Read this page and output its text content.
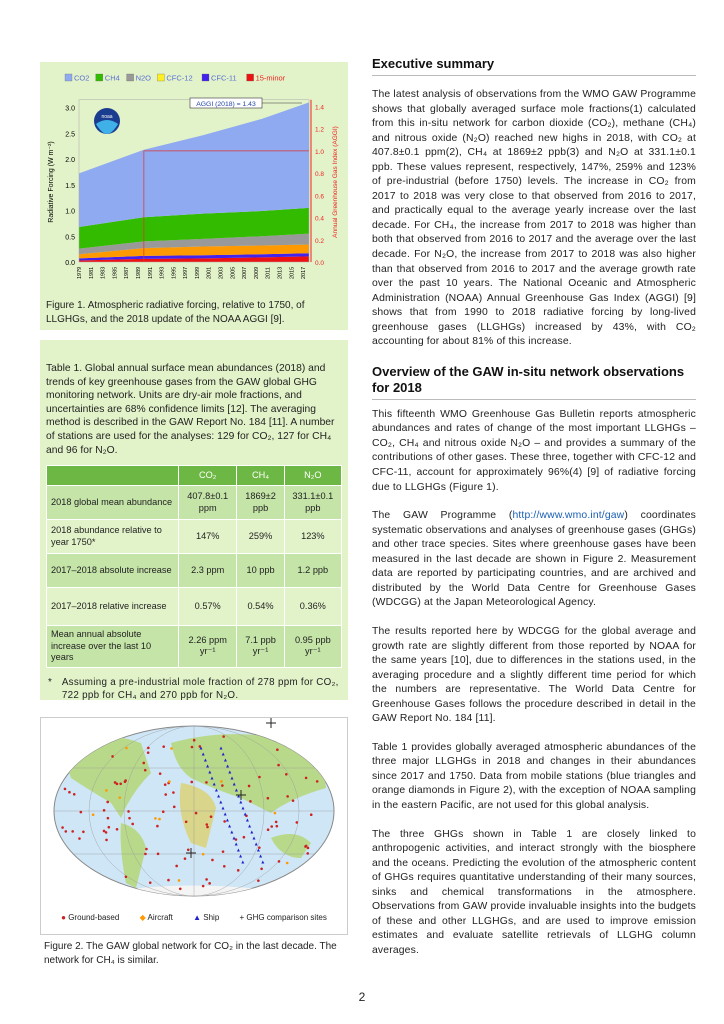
0.0
0.5
1.0
1.5
2.0
2.5
3.0
0.0
0.2
0.4
0.6
0.8
1.0
1.2
1.4
1979 1981 1983 1985 1987 1989 1991 1993 1995 1997 1999 2001 2003 2005 2007 2009 2011 2013 2015 2017
Radiative Forcing (W m⁻²)	Annual Greenhouse Gas Index (AGGI)
AGGI (2018) = 1.43
noaa
CO2 CH4 N2O CFC-12 CFC-11	15-minor
Figure 1. Atmospheric radiative forcing, relative to 1750, of LLGHGs, and the 2018 update of the NOAA AGGI [9].
Table 1. Global annual surface mean abundances (2018) and trends of key greenhouse gases from the GAW global GHG monitoring network. Units are dry-air mole fractions, and uncertainties are 68% confidence limits [12]. The averaging method is described in the GAW Report No. 184 [11]. A number of stations are used for the analyses: 129 for CO₂, 127 for CH₄ and 96 for N₂O.
	CO₂	CH₄	N₂O
2018 global mean abundance	407.8±0.1 ppm	1869±2 ppb	331.1±0.1 ppb
2018 abundance relative to year 1750*	147%	259%	123%
2017–2018 absolute increase	2.3 ppm	10 ppb	1.2 ppb
2017–2018 relative increase	0.57%	0.54%	0.36%
Mean annual absolute increase over the last 10 years	2.26 ppm yr⁻¹	7.1 ppb yr⁻¹	0.95 ppb yr⁻¹
* Assuming a pre-industrial mole fraction of 278 ppm for CO₂, 722 ppb for CH₄ and 270 ppb for N₂O.
● Ground-based	◆ Aircraft	▲ Ship	+ GHG comparison sites
Figure 2. The GAW global network for CO₂ in the last decade. The network for CH₄ is similar.
Executive summary

The latest analysis of observations from the WMO GAW Programme shows that globally averaged surface mole fractions(1) calculated from this in-situ network for carbon dioxide (CO₂), methane (CH₄) and nitrous oxide (N₂O) reached new highs in 2018, with CO₂ at 407.8±0.1 ppm(2), CH₄ at 1869±2 ppb(3) and N₂O at 331.1±0.1 ppb. These values represent, respectively, 147%, 259% and 123% of pre-industrial (before 1750) levels. The increase in CO₂ from 2017 to 2018 was very close to that observed from 2016 to 2017, and practically equal to the average yearly increase over the last decade. For CH₄, the increase from 2017 to 2018 was higher than both that observed from 2016 to 2017 and the average over the last decade. For N₂O, the increase from 2017 to 2018 was also higher than that observed from 2016 to 2017 and the average growth rate over the past 10 years. The National Oceanic and Atmospheric Administration (NOAA) Annual Greenhouse Gas Index (AGGI) [9] shows that from 1990 to 2018 radiative forcing by long-lived greenhouse gases (LLGHGs) increased by 43%, with CO₂ accounting for about 81% of this increase.

Overview of the GAW in-situ network observations for 2018

This fifteenth WMO Greenhouse Gas Bulletin reports atmospheric abundances and rates of change of the most important LLGHGs – CO₂, CH₄ and nitrous oxide N₂O – and provides a summary of the contributions of other gases. These three, together with CFC-12 and CFC-11, account for approximately 96%(4) [9] of radiative forcing due to LLGHGs (Figure 1).

The GAW Programme (http://www.wmo.int/gaw) coordinates systematic observations and analyses of greenhouse gases (GHGs) and other trace species. Sites where greenhouse gases have been measured in the last decade are shown in Figure 2. Measurement data are reported by participating countries, and are archived and distributed by the World Data Centre for Greenhouse Gases (WDCGG) at the Japan Meteorological Agency.

The results reported here by WDCGG for the global average and growth rate are slightly different from those reported by NOAA for the same years [10], due to differences in the stations used, in the averaging procedure and a slightly different time period for which the numbers are representative. The World Data Centre for Greenhouse Gases follows the procedure described in detail in the GAW Report No. 184 [11].

Table 1 provides globally averaged atmospheric abundances of the three major LLGHGs in 2018 and changes in their abundances since 2017 and 1750. Data from mobile stations (blue triangles and orange diamonds in Figure 2), with the exception of NOAA sampling in the eastern Pacific, are not used for this global analysis.

The three GHGs shown in Table 1 are closely linked to anthropogenic activities, and interact strongly with the biosphere and the oceans. Predicting the evolution of the atmospheric content of GHGs requires quantitative understanding of their many sources, sinks and chemical transformations in the atmosphere. Observations from GAW provide invaluable insights into the budgets of these and other LLGHGs, and are used to improve emission estimates and evaluate satellite retrievals of LLGHG column averages.

2
